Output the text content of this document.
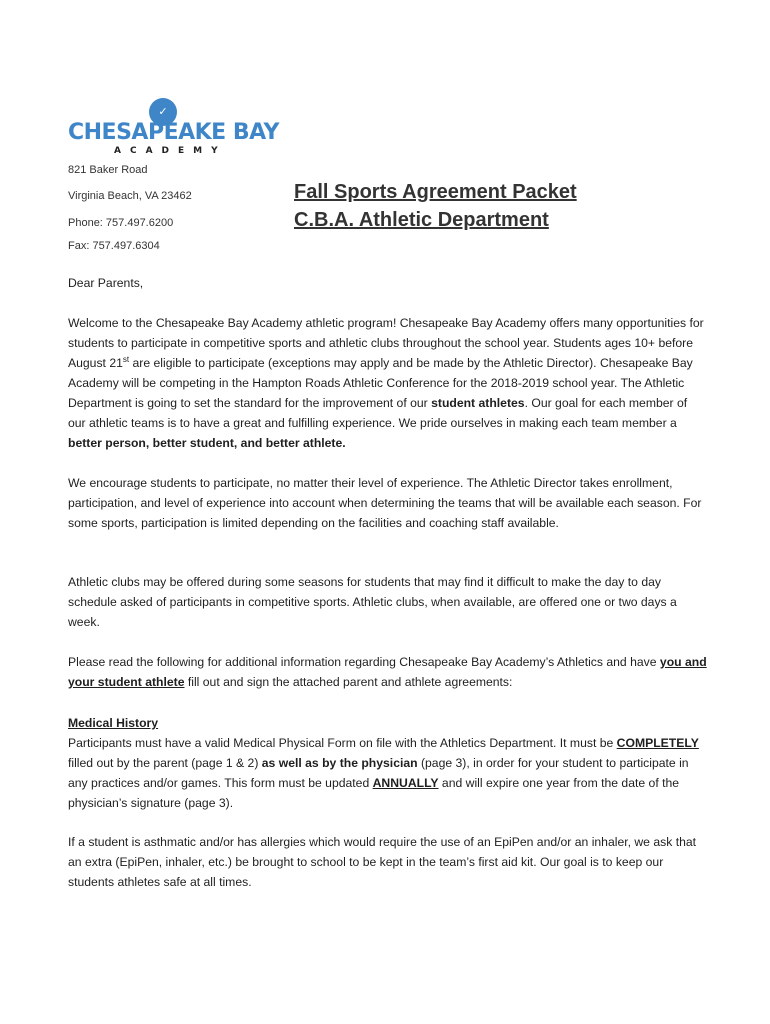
✓
CHESAPEAKE BAY
ACADEMY
821 Baker Road
Virginia Beach, VA 23462
Phone: 757.497.6200
Fax: 757.497.6304
Fall Sports Agreement Packet
C.B.A. Athletic Department
Dear Parents,

Welcome to the Chesapeake Bay Academy athletic program! Chesapeake Bay Academy offers many opportunities for students to participate in competitive sports and athletic clubs throughout the school year. Students ages 10+ before August 21st are eligible to participate (exceptions may apply and be made by the Athletic Director). Chesapeake Bay Academy will be competing in the Hampton Roads Athletic Conference for the 2018-2019 school year. The Athletic Department is going to set the standard for the improvement of our student athletes. Our goal for each member of our athletic teams is to have a great and fulfilling experience. We pride ourselves in making each team member a better person, better student, and better athlete.

We encourage students to participate, no matter their level of experience. The Athletic Director takes enrollment, participation, and level of experience into account when determining the teams that will be available each season. For some sports, participation is limited depending on the facilities and coaching staff available.

Athletic clubs may be offered during some seasons for students that may find it difficult to make the day to day schedule asked of participants in competitive sports. Athletic clubs, when available, are offered one or two days a week.

Please read the following for additional information regarding Chesapeake Bay Academy’s Athletics and have you and your student athlete fill out and sign the attached parent and athlete agreements:

Medical History

Participants must have a valid Medical Physical Form on file with the Athletics Department. It must be COMPLETELY filled out by the parent (page 1 & 2) as well as by the physician (page 3), in order for your student to participate in any practices and/or games. This form must be updated ANNUALLY and will expire one year from the date of the physician’s signature (page 3).

If a student is asthmatic and/or has allergies which would require the use of an EpiPen and/or an inhaler, we ask that an extra (EpiPen, inhaler, etc.) be brought to school to be kept in the team’s first aid kit. Our goal is to keep our students athletes safe at all times.
